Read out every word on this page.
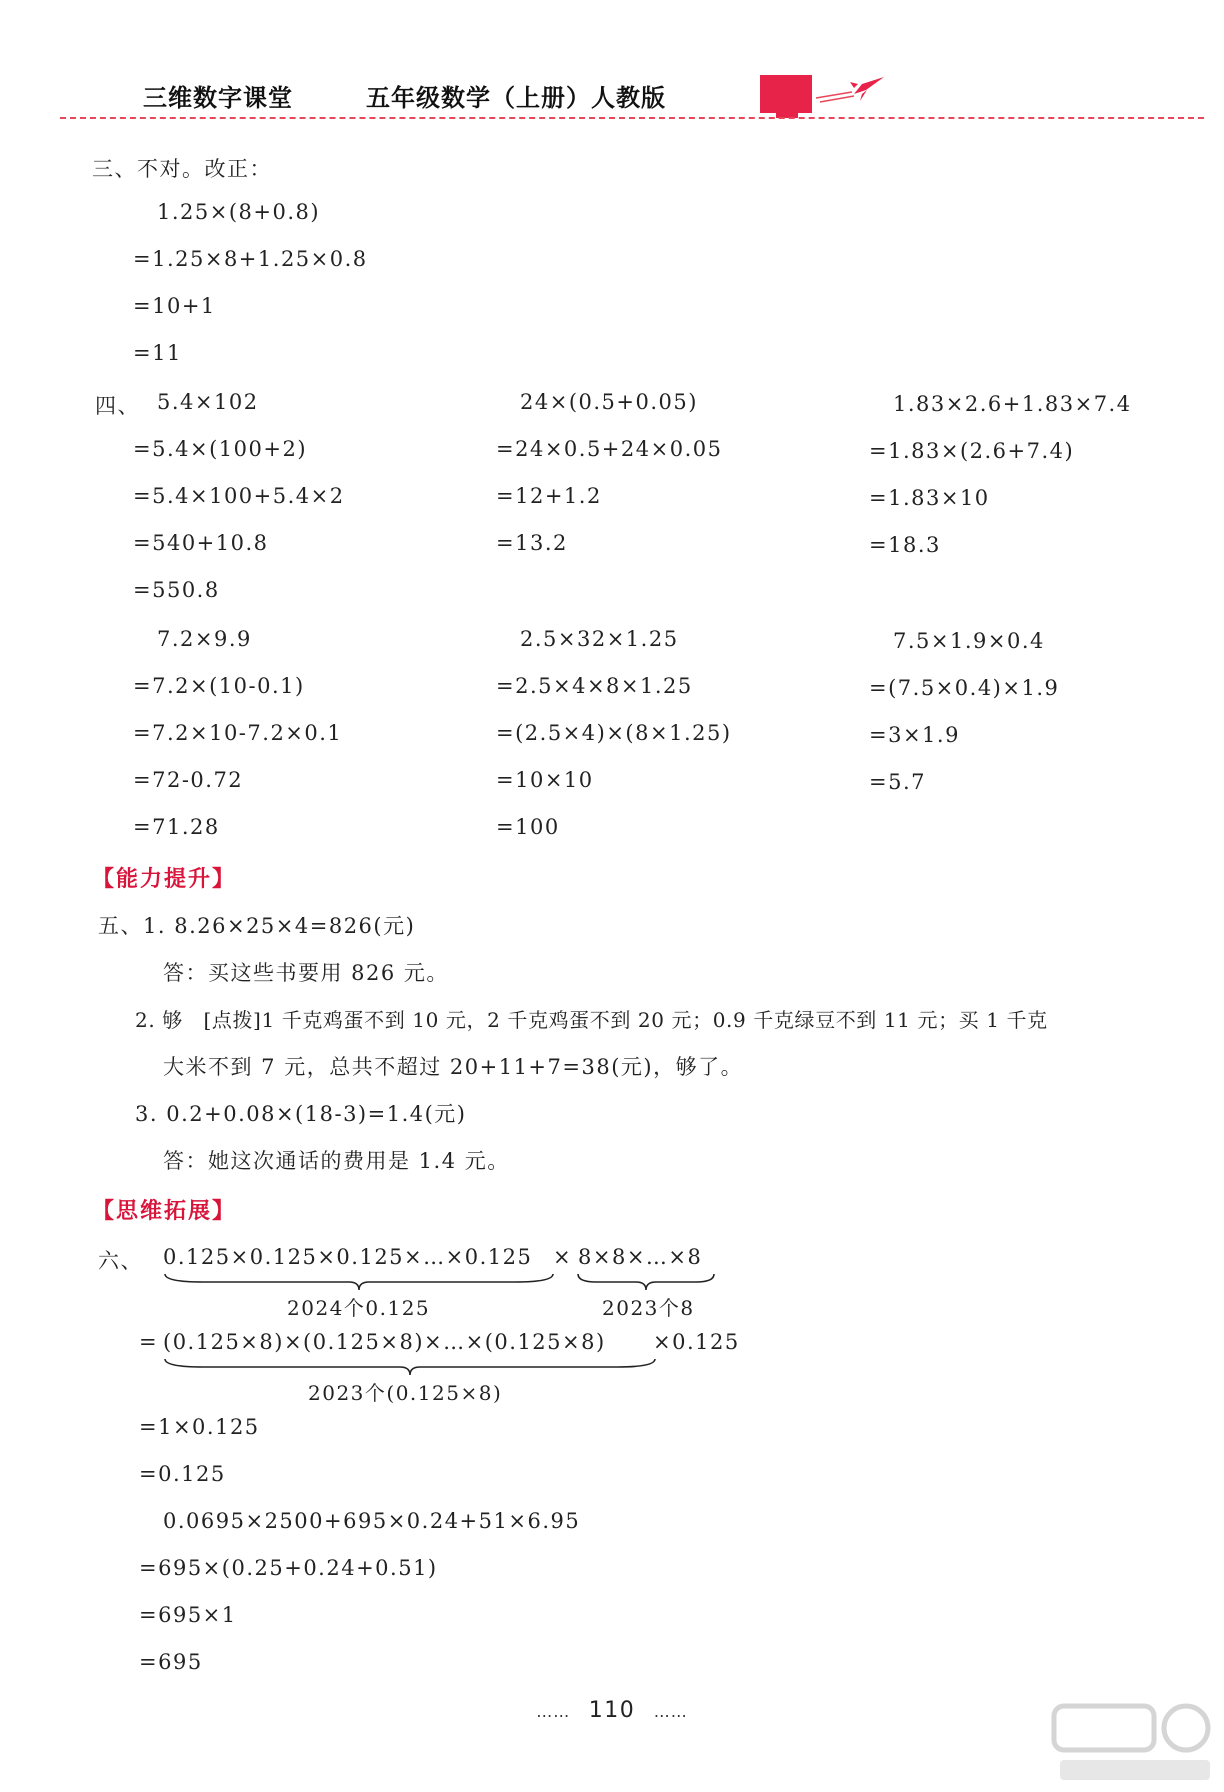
三维数字课堂	五年级数学（上册）人教版
三、不对。改正：
1.25×(8+0.8)
=1.25×8+1.25×0.8
=10+1
=11
四、 5.4×102
=5.4×(100+2)
=5.4×100+5.4×2
=540+10.8
=550.8
24×(0.5+0.05)
=24×0.5+24×0.05
=12+1.2
=13.2
1.83×2.6+1.83×7.4
=1.83×(2.6+7.4)
=1.83×10
=18.3
7.2×9.9
=7.2×(10-0.1)
=7.2×10-7.2×0.1
=72-0.72
=71.28
2.5×32×1.25
=2.5×4×8×1.25
=(2.5×4)×(8×1.25)
=10×10
=100
7.5×1.9×0.4
=(7.5×0.4)×1.9
=3×1.9
=5.7
【能力提升】
五、1. 8.26×25×4=826(元)
答：买这些书要用 826 元。
2. 够　[点拨]1 千克鸡蛋不到 10 元，2 千克鸡蛋不到 20 元；0.9 千克绿豆不到 11 元；买 1 千克
大米不到 7 元，总共不超过 20+11+7=38(元)，够了。
3. 0.2+0.08×(18-3)=1.4(元)
答：她这次通话的费用是 1.4 元。
【思维拓展】
六、 0.125×0.125×0.125×…×0.125 × 8×8×…×8
2024个0.125	2023个8
= (0.125×8)×(0.125×8)×…×(0.125×8) ×0.125
2023个(0.125×8)
=1×0.125
=0.125
0.0695×2500+695×0.24+51×6.95
=695×(0.25+0.24+0.51)
=695×1
=695
…… 110 ……
